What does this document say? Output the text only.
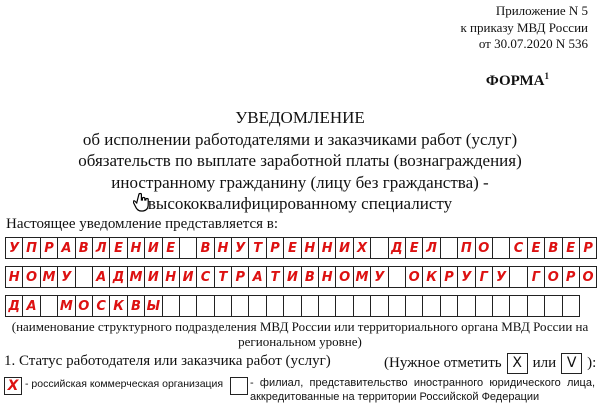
Приложение N 5
к приказу МВД России
от 30.07.2020 N 536
ФОРМА$^1$
УВЕДОМЛЕНИЕ
об исполнении работодателями и заказчиками работ (услуг)
обязательств по выплате заработной платы (вознаграждения)
иностранному гражданину (лицу без гражданства) -
высококвалифицированному специалисту
Настоящее уведомление представляется в:
У П Р А В Л Е Н И Е	В Н У Т Р Е Н Н И Х	Д Е Л П О	С Е В Е Р
Н О М У	А Д М И Н И С Т Р А Т И В Н О М У	О К Р У Г У	Г О Р О
Д А	М О С К В Ы
(наименование структурного подразделения МВД России или территориального органа МВД России на региональном уровне)
1. Статус работодателя или заказчика работ (услуг)	(Нужное отметить X или V ):
X - российская коммерческая организация - филиал, представительство иностранного юридического лица, аккредитованные на территории Российской Федерации
